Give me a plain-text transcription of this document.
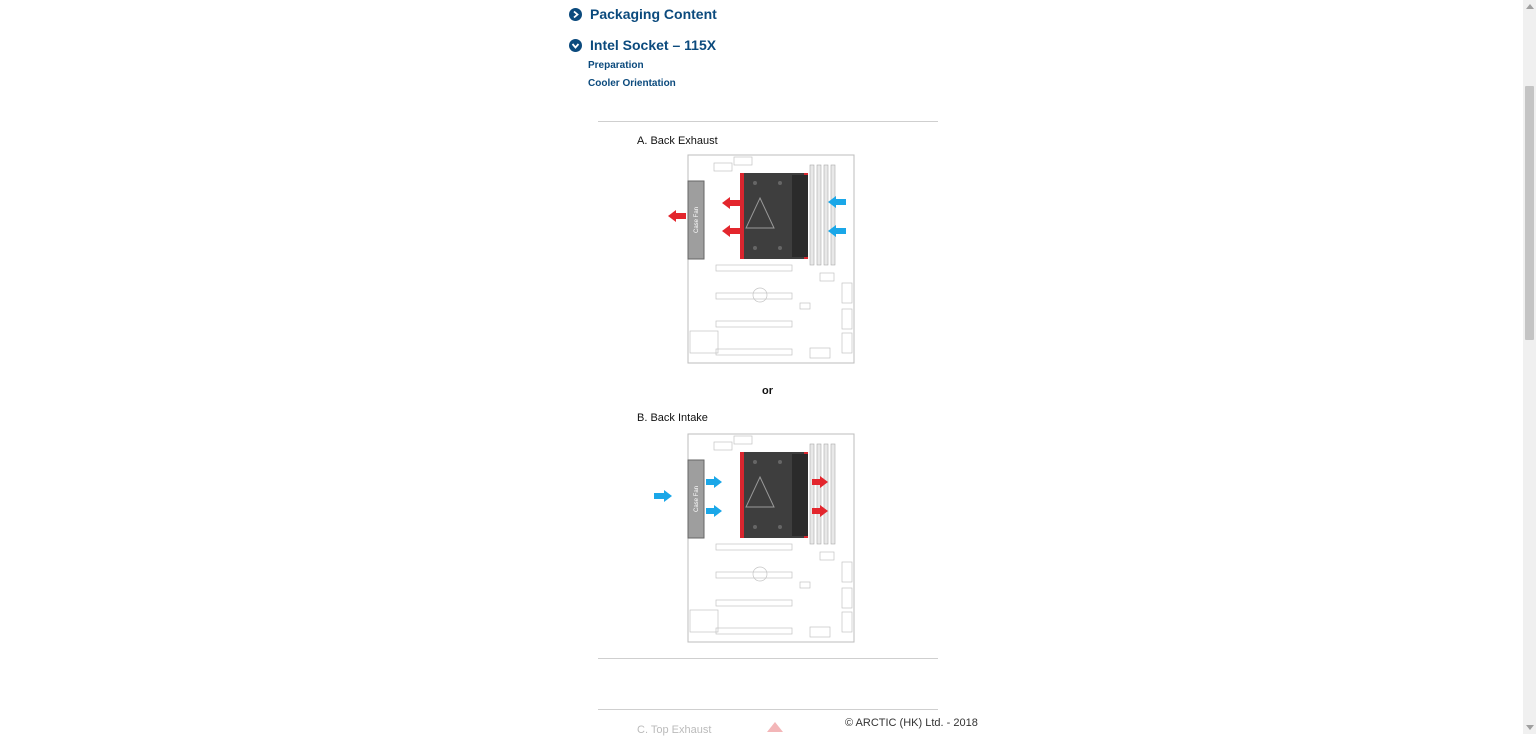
Packaging Content
Intel Socket – 115X
Preparation
Cooler Orientation
A. Back Exhaust
Case Fan
or
B. Back Intake
Case Fan
C. Top Exhaust
© ARCTIC (HK) Ltd. - 2018
